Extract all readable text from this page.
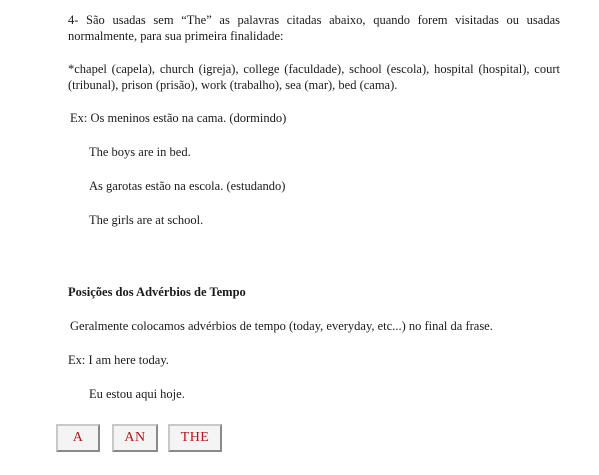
4- São usadas sem “The” as palavras citadas abaixo, quando forem visitadas ou usadas normalmente, para sua primeira finalidade:

*chapel (capela), church (igreja), college (faculdade), school (escola), hospital (hospital), court (tribunal), prison (prisão), work (trabalho), sea (mar), bed (cama).

Ex: Os meninos estão na cama. (dormindo)

The boys are in bed.

As garotas estão na escola. (estudando)

The girls are at school.

Posições dos Advérbios de Tempo

Geralmente colocamos advérbios de tempo (today, everyday, etc...) no final da frase.

Ex: I am here today.

Eu estou aqui hoje.

A	AN	THE
